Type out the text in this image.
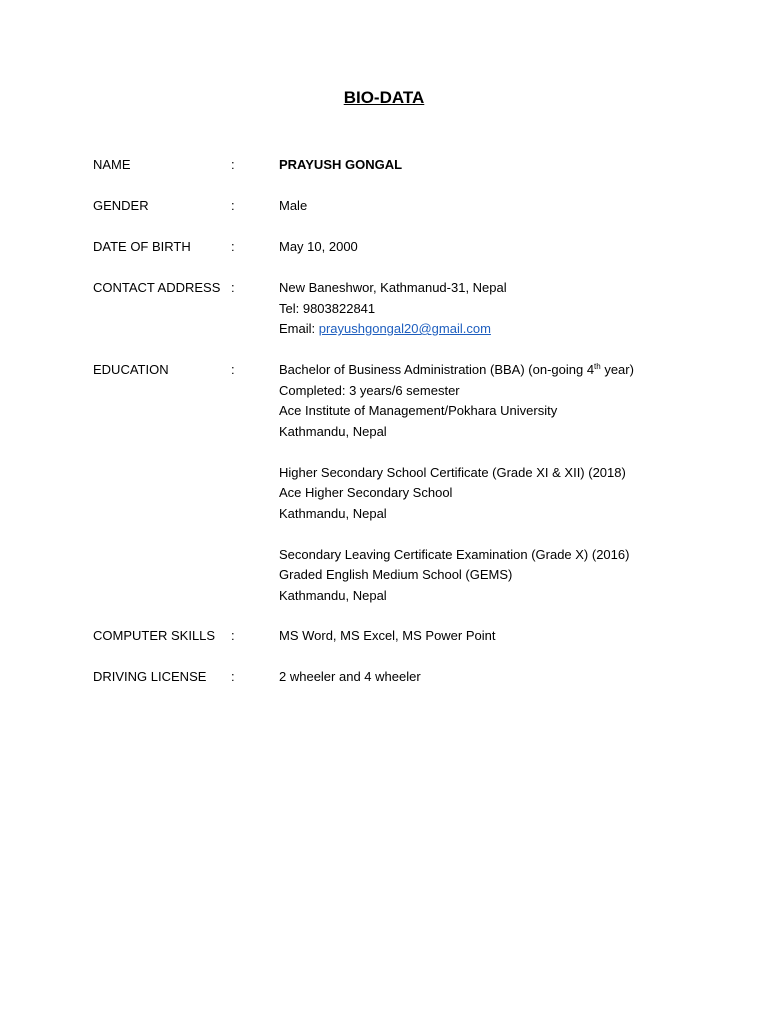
BIO-DATA
NAME	:	PRAYUSH GONGAL
GENDER	:	Male
DATE OF BIRTH	:	May 10, 2000
CONTACT ADDRESS :	New Baneshwor, Kathmanud-31, Nepal
Tel: 9803822841
Email: prayushgongal20@gmail.com
EDUCATION	:	Bachelor of Business Administration (BBA) (on-going 4th year)
Completed: 3 years/6 semester
Ace Institute of Management/Pokhara University
Kathmandu, Nepal
Higher Secondary School Certificate (Grade XI & XII) (2018)
Ace Higher Secondary School
Kathmandu, Nepal
Secondary Leaving Certificate Examination (Grade X) (2016)
Graded English Medium School (GEMS)
Kathmandu, Nepal
COMPUTER SKILLS :	MS Word, MS Excel, MS Power Point
DRIVING LICENSE :	2 wheeler and 4 wheeler
